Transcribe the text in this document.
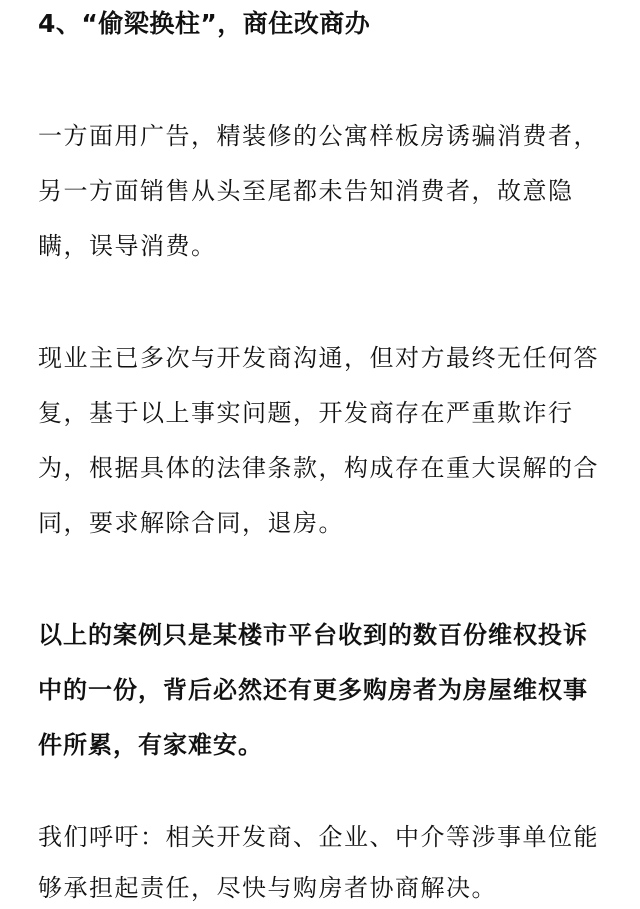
4、“偷梁换柱”，商住改商办
一方面用广告，精装修的公寓样板房诱骗消费者，
另一方面销售从头至尾都未告知消费者，故意隐
瞒，误导消费。
现业主已多次与开发商沟通，但对方最终无任何答
复，基于以上事实问题，开发商存在严重欺诈行
为，根据具体的法律条款，构成存在重大误解的合
同，要求解除合同，退房。
以上的案例只是某楼市平台收到的数百份维权投诉
中的一份，背后必然还有更多购房者为房屋维权事
件所累，有家难安。
我们呼吁：相关开发商、企业、中介等涉事单位能
够承担起责任，尽快与购房者协商解决。
